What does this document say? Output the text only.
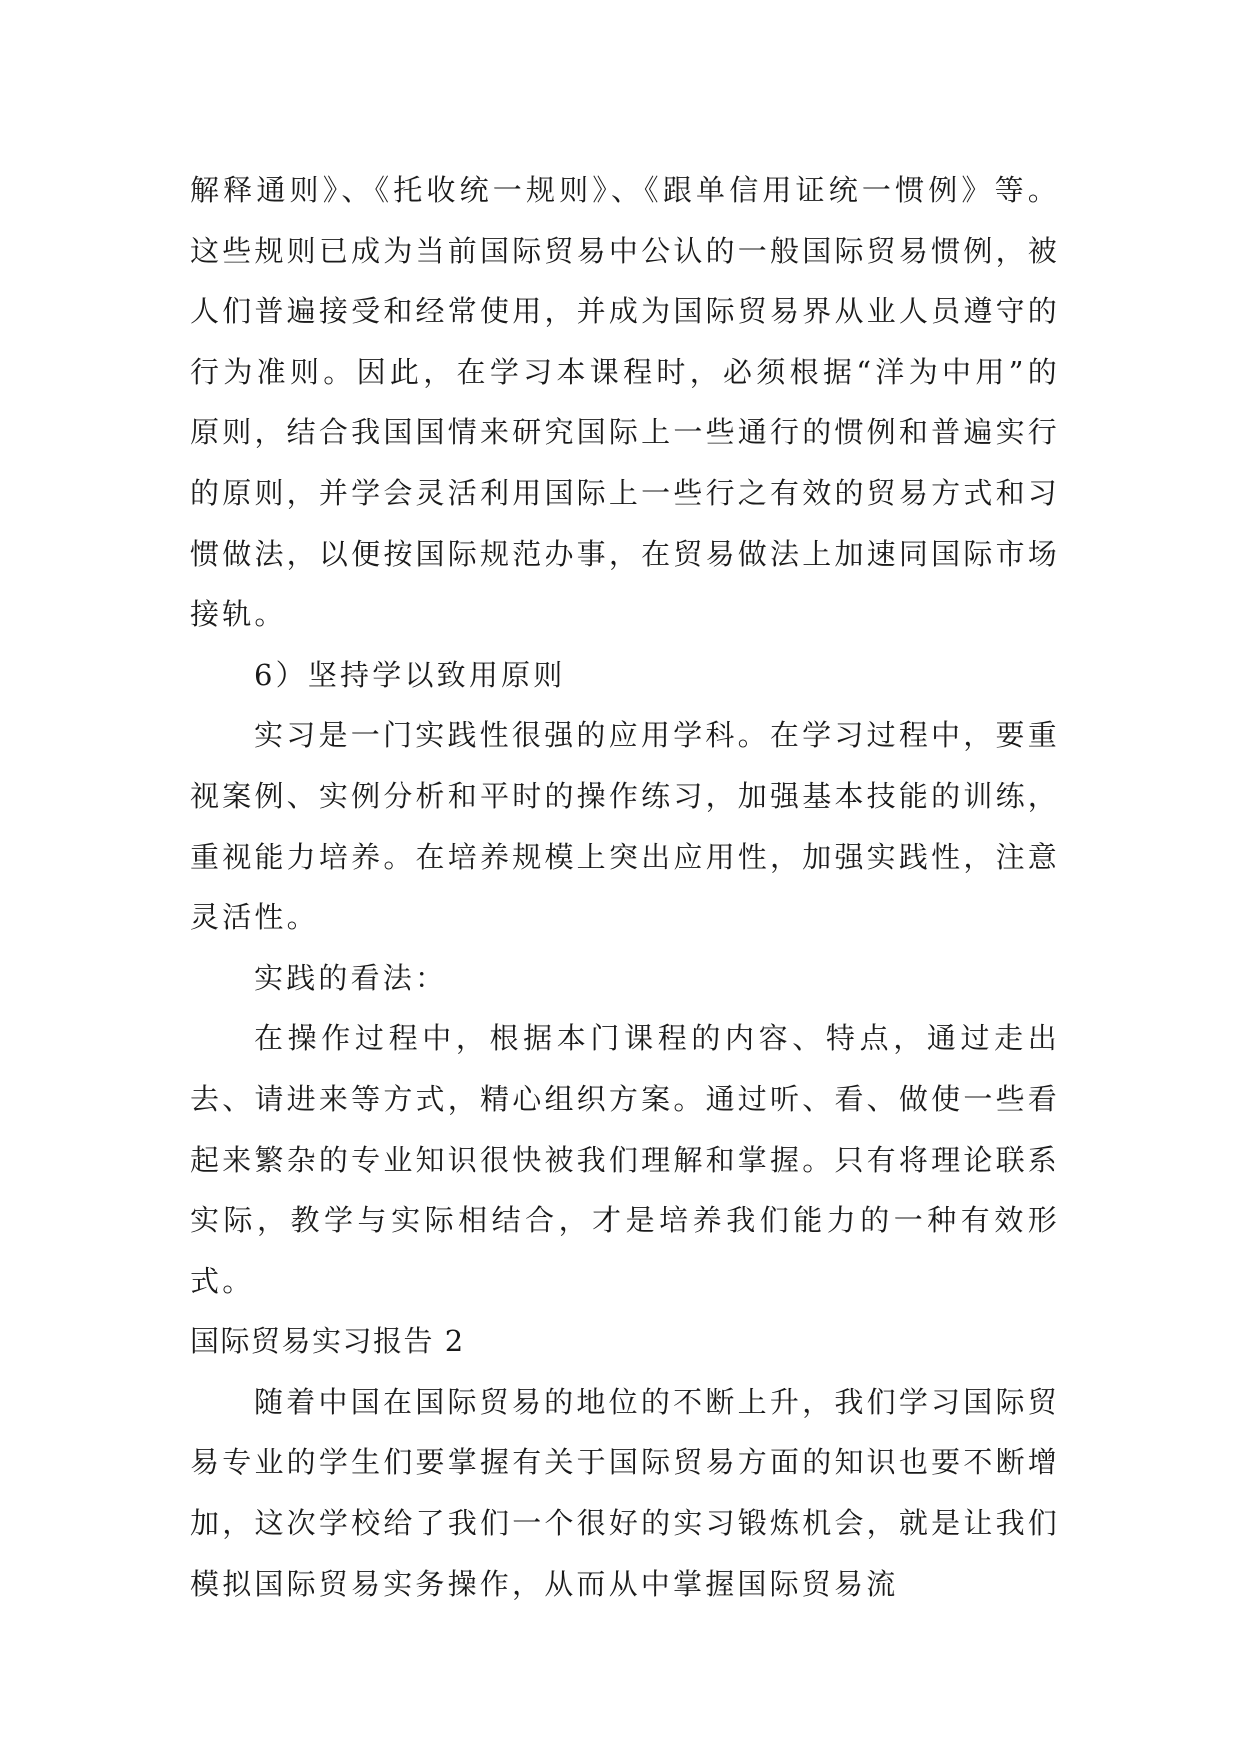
解释通则》、《托收统一规则》、《跟单信用证统一惯例》等。这些规则已成为当前国际贸易中公认的一般国际贸易惯例，被人们普遍接受和经常使用，并成为国际贸易界从业人员遵守的行为准则。因此，在学习本课程时，必须根据“洋为中用”的原则，结合我国国情来研究国际上一些通行的惯例和普遍实行的原则，并学会灵活利用国际上一些行之有效的贸易方式和习惯做法，以便按国际规范办事，在贸易做法上加速同国际市场接轨。

6）坚持学以致用原则

实习是一门实践性很强的应用学科。在学习过程中，要重视案例、实例分析和平时的操作练习，加强基本技能的训练，重视能力培养。在培养规模上突出应用性，加强实践性，注意灵活性。

实践的看法：

在操作过程中，根据本门课程的内容、特点，通过走出去、请进来等方式，精心组织方案。通过听、看、做使一些看起来繁杂的专业知识很快被我们理解和掌握。只有将理论联系实际，教学与实际相结合，才是培养我们能力的一种有效形式。

国际贸易实习报告 2

随着中国在国际贸易的地位的不断上升，我们学习国际贸易专业的学生们要掌握有关于国际贸易方面的知识也要不断增加，这次学校给了我们一个很好的实习锻炼机会，就是让我们模拟国际贸易实务操作，从而从中掌握国际贸易流
